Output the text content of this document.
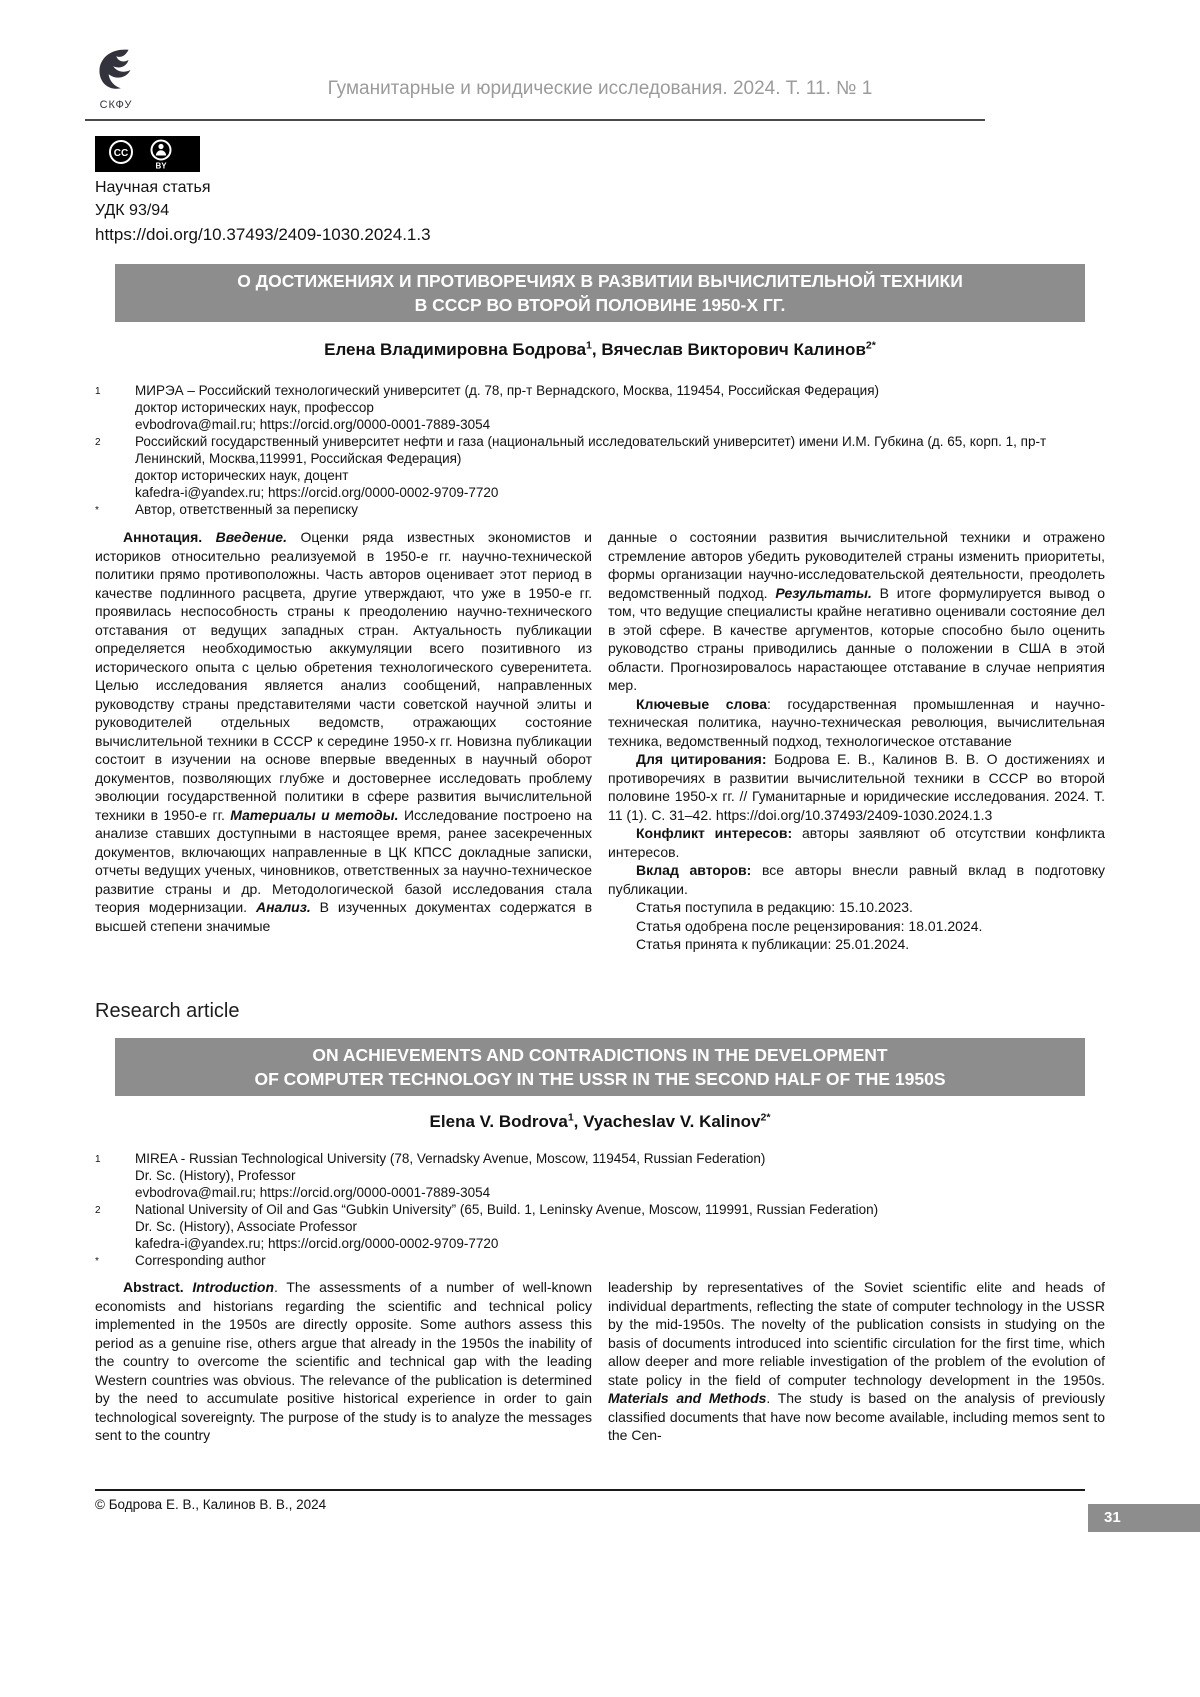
СКФУ
Гуманитарные и юридические исследования. 2024. Т. 11. № 1
CC
BY
Научная статья
УДК 93/94
https://doi.org/10.37493/2409-1030.2024.1.3
О ДОСТИЖЕНИЯХ И ПРОТИВОРЕЧИЯХ В РАЗВИТИИ ВЫЧИСЛИТЕЛЬНОЙ ТЕХНИКИ
В СССР ВО ВТОРОЙ ПОЛОВИНЕ 1950-Х ГГ.
Елена Владимировна Бодрова$^1$, Вячеслав Викторович Калинов$^{2*}$
1	МИРЭА – Российский технологический университет (д. 78, пр-т Вернадского, Москва, 119454, Российская Федерация)
доктор исторических наук, профессор
evbodrova@mail.ru; https://orcid.org/0000-0001-7889-3054
2	Российский государственный университет нефти и газа (национальный исследовательский университет) имени И.М. Губкина (д. 65, корп. 1, пр-т Ленинский, Москва,119991, Российская Федерация)
доктор исторических наук, доцент
kafedra-i@yandex.ru; https://orcid.org/0000-0002-9709-7720
*	Автор, ответственный за переписку

Аннотация. Введение. Оценки ряда известных экономистов и историков относительно реализуемой в 1950-е гг. научно-технической политики прямо противоположны. Часть авторов оценивает этот период в качестве подлинного расцвета, другие утверждают, что уже в 1950-е гг. проявилась неспособность страны к преодолению научно-технического отставания от ведущих западных стран. Актуальность публикации определяется необходимостью аккумуляции всего позитивного из исторического опыта с целью обретения технологического суверенитета. Целью исследования является анализ сообщений, направленных руководству страны представителями части советской научной элиты и руководителей отдельных ведомств, отражающих состояние вычислительной техники в СССР к середине 1950-х гг. Новизна публикации состоит в изучении на основе впервые введенных в научный оборот документов, позволяющих глубже и достовернее исследовать проблему эволюции государственной политики в сфере развития вычислительной техники в 1950-е гг. Материалы и методы. Исследование построено на анализе ставших доступными в настоящее время, ранее засекреченных документов, включающих направленные в ЦК КПСС докладные записки, отчеты ведущих ученых, чиновников, ответственных за научно-техническое развитие страны и др. Методологической базой исследования стала теория модернизации. Анализ. В изученных документах содержатся в высшей степени значимые

данные о состоянии развития вычислительной техники и отражено стремление авторов убедить руководителей страны изменить приоритеты, формы организации научно-исследовательской деятельности, преодолеть ведомственный подход. Результаты. В итоге формулируется вывод о том, что ведущие специалисты крайне негативно оценивали состояние дел в этой сфере. В качестве аргументов, которые способно было оценить руководство страны приводились данные о положении в США в этой области. Прогнозировалось нарастающее отставание в случае неприятия мер.

Ключевые слова: государственная промышленная и научно-техническая политика, научно-техническая революция, вычислительная техника, ведомственный подход, технологическое отставание

Для цитирования: Бодрова Е. В., Калинов В. В. О достижениях и противоречиях в развитии вычислительной техники в СССР во второй половине 1950-х гг. // Гуманитарные и юридические исследования. 2024. Т. 11 (1). С. 31–42. https://doi.org/10.37493/2409-1030.2024.1.3

Конфликт интересов: авторы заявляют об отсутствии конфликта интересов.

Вклад авторов: все авторы внесли равный вклад в подготовку публикации.

Статья поступила в редакцию: 15.10.2023.

Статья одобрена после рецензирования: 18.01.2024.

Статья принята к публикации: 25.01.2024.

Research article
ON ACHIEVEMENTS AND CONTRADICTIONS IN THE DEVELOPMENT
OF COMPUTER TECHNOLOGY IN THE USSR IN THE SECOND HALF OF THE 1950S
Elena V. Bodrova$^1$, Vyacheslav V. Kalinov$^{2*}$
1	MIREA - Russian Technological University (78, Vernadsky Avenue, Moscow, 119454, Russian Federation)
Dr. Sc. (History), Professor
evbodrova@mail.ru; https://orcid.org/0000-0001-7889-3054
2	National University of Oil and Gas “Gubkin University” (65, Build. 1, Leninsky Avenue, Moscow, 119991, Russian Federation)
Dr. Sc. (History), Associate Professor
kafedra-i@yandex.ru; https://orcid.org/0000-0002-9709-7720
*	Corresponding author

Abstract. Introduction. The assessments of a number of well-known economists and historians regarding the scientific and technical policy implemented in the 1950s are directly opposite. Some authors assess this period as a genuine rise, others argue that already in the 1950s the inability of the country to overcome the scientific and technical gap with the leading Western countries was obvious. The relevance of the publication is determined by the need to accumulate positive historical experience in order to gain technological sovereignty. The purpose of the study is to analyze the messages sent to the country

leadership by representatives of the Soviet scientific elite and heads of individual departments, reflecting the state of computer technology in the USSR by the mid-1950s. The novelty of the publication consists in studying on the basis of documents introduced into scientific circulation for the first time, which allow deeper and more reliable investigation of the problem of the evolution of state policy in the field of computer technology development in the 1950s. Materials and Methods. The study is based on the analysis of previously classified documents that have now become available, including memos sent to the Cen-

© Бодрова Е. В., Калинов В. В., 2024
31
